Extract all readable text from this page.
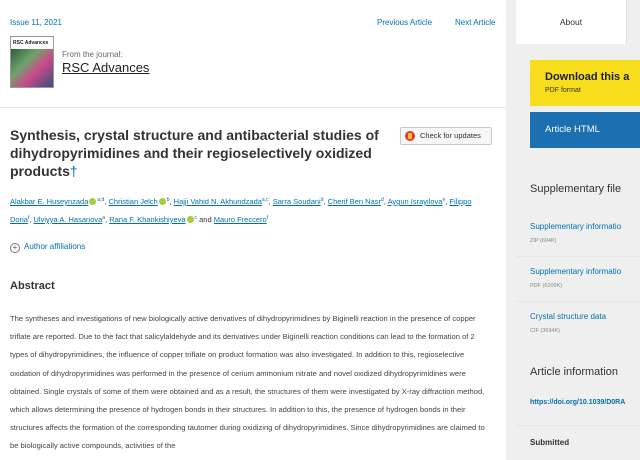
Issue 11, 2021	Previous Article	Next Article
RSC Advances
From the journal:
RSC Advances
Synthesis, crystal structure and antibacterial studies of dihydropyrimidines and their regioselectively oxidized products†
Check for updates
Alakbar E. Huseynzada $^{a,d}$, Christian Jelch $^b$, Hajji Vahid N. Akhundzada$^{a,c}$, Sarra Soudani$^d$, Cherif Ben Nasr$^d$, Aygun Israyilova$^e$, Filippo Doria$^f$, Ulviyya A. Hasanova$^a$, Rana F. Khankishiyeva $^c$ and Mauro Freccero$^f$
+ Author affiliations
Abstract
The syntheses and investigations of new biologically active derivatives of dihydropyrimidines by Biginelli reaction in the presence of copper triflate are reported. Due to the fact that salicylaldehyde and its derivatives under Biginelli reaction conditions can lead to the formation of 2 types of dihydropyrimidines, the influence of copper triflate on product formation was also investigated. In addition to this, regioselective oxidation of dihydropyrimidines was performed in the presence of cerium ammonium nitrate and novel oxidized dihydropyrimidines were obtained. Single crystals of some of them were obtained and as a result, the structures of them were investigated by X-ray diffraction method, which allows determining the presence of hydrogen bonds in their structures. In addition to this, the presence of hydrogen bonds in their structures affects the formation of the corresponding tautomer during oxidizing of dihydropyrimidines. Since dihydropyrimidines are claimed to be biologically active compounds, activities of the
About
Download this a
PDF format
Article HTML
Supplementary file
Supplementary informatio
ZIP (694K)
Supplementary informatio
PDF (6209K)
Crystal structure data
CIF (3694K)
Article information
https://doi.org/10.1039/D0RA
Submitted
